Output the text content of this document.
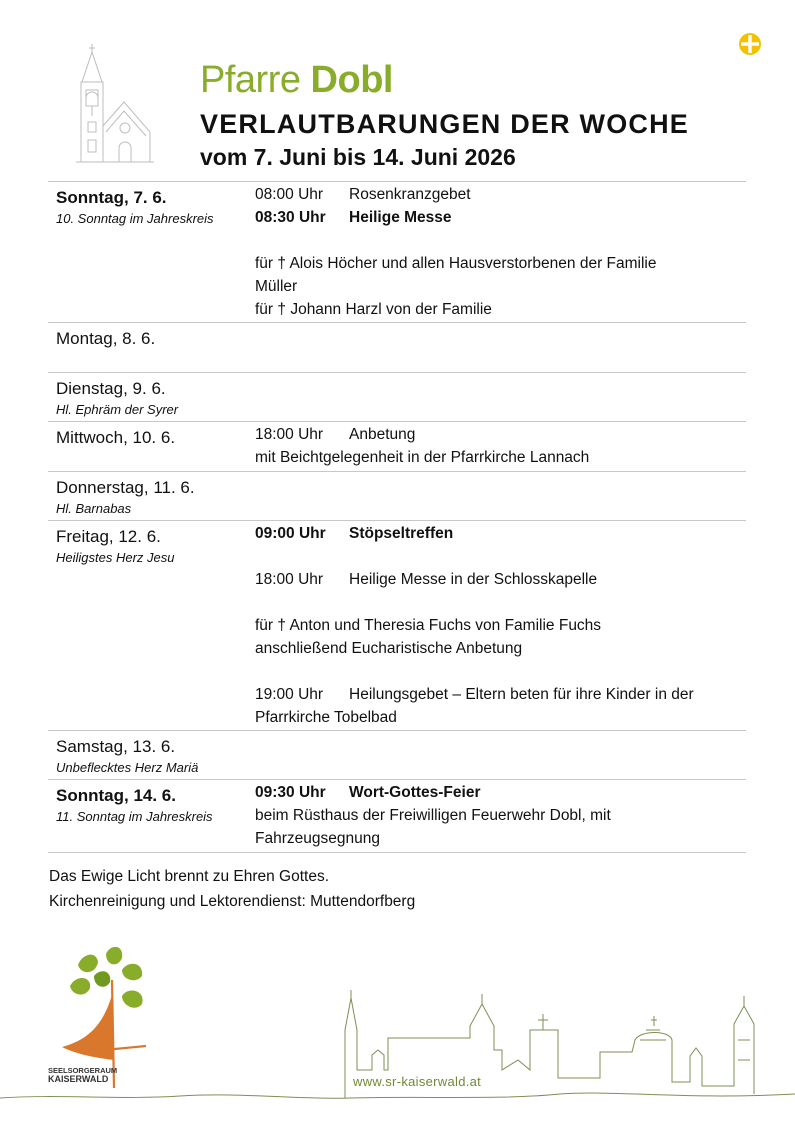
Pfarre Dobl
VERLAUTBARUNGEN DER WOCHE
vom 7. Juni bis 14. Juni 2026
Sonntag, 7. 6.
10. Sonntag im Jahreskreis
08:00 Uhr Rosenkranzgebet
08:30 Uhr Heilige Messe
für † Alois Höcher und allen Hausverstorbenen der Familie
Müller
für † Johann Harzl von der Familie
Montag, 8. 6.
Dienstag, 9. 6.
Hl. Ephräm der Syrer
Mittwoch, 10. 6.	18:00 Uhr Anbetung
mit Beichtgelegenheit in der Pfarrkirche Lannach
Donnerstag, 11. 6.
Hl. Barnabas
Freitag, 12. 6.
Heiligstes Herz Jesu
09:00 Uhr Stöpseltreffen
18:00 Uhr Heilige Messe in der Schlosskapelle
für † Anton und Theresia Fuchs von Familie Fuchs
anschließend Eucharistische Anbetung
19:00 Uhr Heilungsgebet – Eltern beten für ihre Kinder in der
Pfarrkirche Tobelbad
Samstag, 13. 6.
Unbeflecktes Herz Mariä
Sonntag, 14. 6.
11. Sonntag im Jahreskreis
09:30 Uhr Wort-Gottes-Feier
beim Rüsthaus der Freiwilligen Feuerwehr Dobl, mit
Fahrzeugsegnung
Das Ewige Licht brennt zu Ehren Gottes.
Kirchenreinigung und Lektorendienst: Muttendorfberg
SEELSORGERAUM
KAISERWALD	www.sr-kaiserwald.at
